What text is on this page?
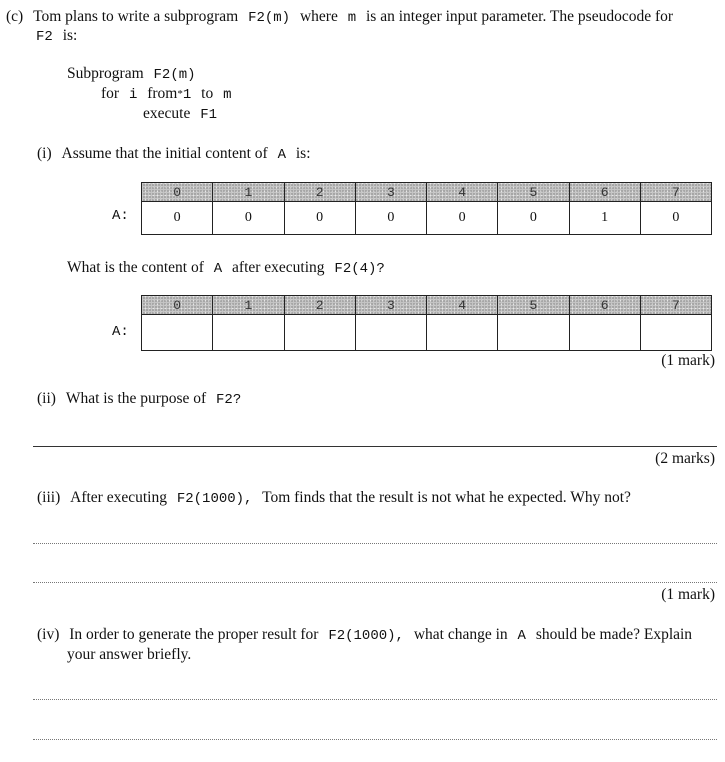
(c) Tom plans to write a subprogram F2(m) where m is an integer input parameter. The pseudocode for
F2 is:
Subprogram F2(m)
for i from*1 to m
execute F1
(i) Assume that the initial content of A is:
A:
0	1	2	3	4	5	6	7
0	0	0	0	0	0	1	0
What is the content of A after executing F2(4)?
A:
0	1	2	3	4	5	6	7

(1 mark)
(ii) What is the purpose of F2?
(2 marks)
(iii) After executing F2(1000), Tom finds that the result is not what he expected. Why not?
(1 mark)
(iv) In order to generate the proper result for F2(1000), what change in A should be made? Explain
your answer briefly.
